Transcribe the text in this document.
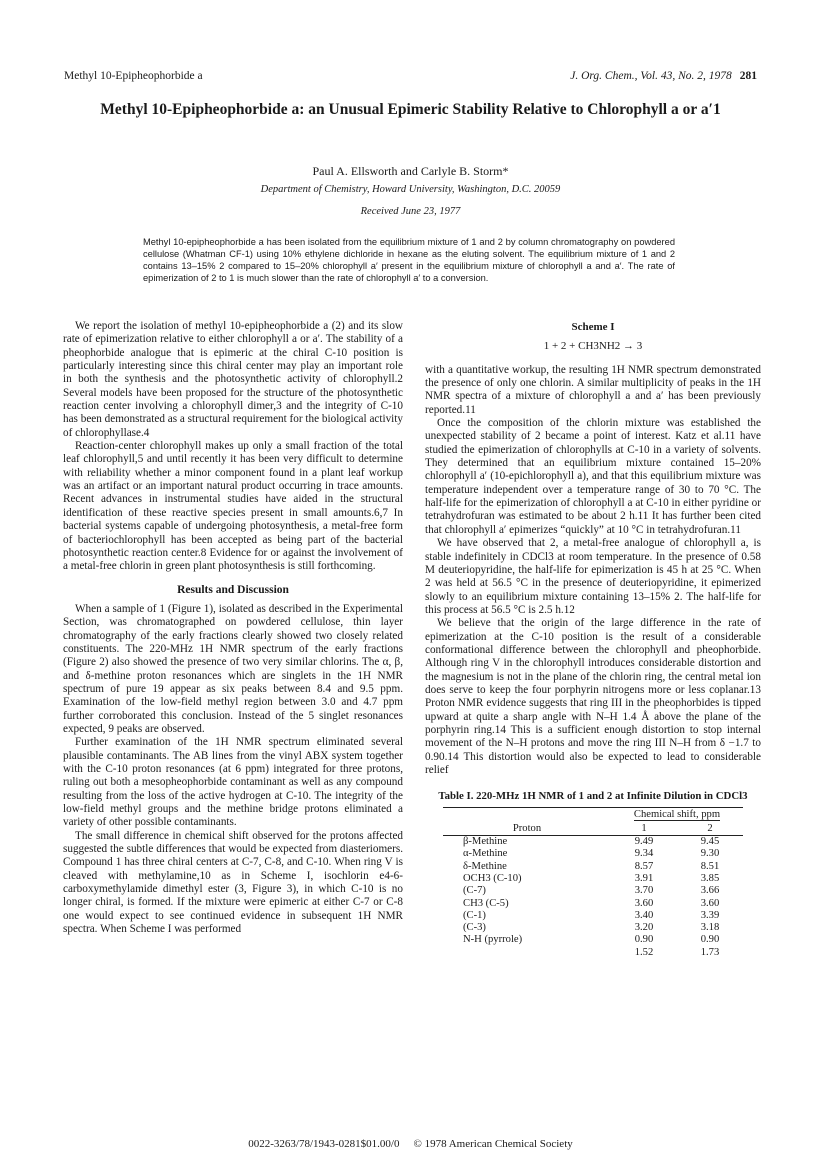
Methyl 10-Epipheophorbide a	J. Org. Chem., Vol. 43, No. 2, 1978 281
Methyl 10-Epipheophorbide a: an Unusual Epimeric Stability Relative to Chlorophyll a or a′1
Paul A. Ellsworth and Carlyle B. Storm*
Department of Chemistry, Howard University, Washington, D.C. 20059
Received June 23, 1977
Methyl 10-epipheophorbide a has been isolated from the equilibrium mixture of 1 and 2 by column chromatography on powdered cellulose (Whatman CF-1) using 10% ethylene dichloride in hexane as the eluting solvent. The equilibrium mixture of 1 and 2 contains 13–15% 2 compared to 15–20% chlorophyll a′ present in the equilibrium mixture of chlorophyll a and a′. The rate of epimerization of 2 to 1 is much slower than the rate of chlorophyll a′ to a conversion.

We report the isolation of methyl 10-epipheophorbide a (2) and its slow rate of epimerization relative to either chlorophyll a or a′. The stability of a pheophorbide analogue that is epimeric at the chiral C-10 position is particularly interesting since this chiral center may play an important role in both the synthesis and the photosynthetic activity of chlorophyll.2 Several models have been proposed for the structure of the photosynthetic reaction center involving a chlorophyll dimer,3 and the integrity of C-10 has been demonstrated as a structural requirement for the biological activity of chlorophyllase.4

Reaction-center chlorophyll makes up only a small fraction of the total leaf chlorophyll,5 and until recently it has been very difficult to determine with reliability whether a minor component found in a plant leaf workup was an artifact or an important natural product occurring in trace amounts. Recent advances in instrumental studies have aided in the structural identification of these reactive species present in small amounts.6,7 In bacterial systems capable of undergoing photosynthesis, a metal-free form of bacteriochlorophyll has been accepted as being part of the bacterial photosynthetic reaction center.8 Evidence for or against the involvement of a metal-free chlorin in green plant photosynthesis is still forthcoming.

Results and Discussion

When a sample of 1 (Figure 1), isolated as described in the Experimental Section, was chromatographed on powdered cellulose, thin layer chromatography of the early fractions clearly showed two closely related constituents. The 220-MHz 1H NMR spectrum of the early fractions (Figure 2) also showed the presence of two very similar chlorins. The α, β, and δ-methine proton resonances which are singlets in the 1H NMR spectrum of pure 19 appear as six peaks between 8.4 and 9.5 ppm. Examination of the low-field methyl region between 3.0 and 4.7 ppm further corroborated this conclusion. Instead of the 5 singlet resonances expected, 9 peaks are observed.

Further examination of the 1H NMR spectrum eliminated several plausible contaminants. The AB lines from the vinyl ABX system together with the C-10 proton resonances (at 6 ppm) integrated for three protons, ruling out both a mesopheophorbide contaminant as well as any compound resulting from the loss of the active hydrogen at C-10. The integrity of the low-field methyl groups and the methine bridge protons eliminated a variety of other possible contaminants.

The small difference in chemical shift observed for the protons affected suggested the subtle differences that would be expected from diasteriomers. Compound 1 has three chiral centers at C-7, C-8, and C-10. When ring V is cleaved with methylamine,10 as in Scheme I, isochlorin e4-6-carboxymethylamide dimethyl ester (3, Figure 3), in which C-10 is no longer chiral, is formed. If the mixture were epimeric at either C-7 or C-8 one would expect to see continued evidence in subsequent 1H NMR spectra. When Scheme I was performed

Scheme I
1 + 2 + CH3NH2 → 3

with a quantitative workup, the resulting 1H NMR spectrum demonstrated the presence of only one chlorin. A similar multiplicity of peaks in the 1H NMR spectra of a mixture of chlorophyll a and a′ has been previously reported.11

Once the composition of the chlorin mixture was established the unexpected stability of 2 became a point of interest. Katz et al.11 have studied the epimerization of chlorophylls at C-10 in a variety of solvents. They determined that an equilibrium mixture contained 15–20% chlorophyll a′ (10-epichlorophyll a), and that this equilibrium mixture was temperature independent over a temperature range of 30 to 70 °C. The half-life for the epimerization of chlorophyll a at C-10 in either pyridine or tetrahydrofuran was estimated to be about 2 h.11 It has further been cited that chlorophyll a′ epimerizes “quickly” at 10 °C in tetrahydrofuran.11

We have observed that 2, a metal-free analogue of chlorophyll a, is stable indefinitely in CDCl3 at room temperature. In the presence of 0.58 M deuteriopyridine, the half-life for epimerization is 45 h at 25 °C. When 2 was held at 56.5 °C in the presence of deuteriopyridine, it epimerized slowly to an equilibrium mixture containing 13–15% 2. The half-life for this process at 56.5 °C is 2.5 h.12

We believe that the origin of the large difference in the rate of epimerization at the C-10 position is the result of a considerable conformational difference between the chlorophyll and pheophorbide. Although ring V in the chlorophyll introduces considerable distortion and the magnesium is not in the plane of the chlorin ring, the central metal ion does serve to keep the four porphyrin nitrogens more or less coplanar.13 Proton NMR evidence suggests that ring III in the pheophorbides is tipped upward at quite a sharp angle with N–H 1.4 Å above the plane of the porphyrin ring.14 This is a sufficient enough distortion to stop internal movement of the N–H protons and move the ring III N–H from δ −1.7 to 0.90.14 This distortion would also be expected to lead to considerable relief

Table I. 220-MHz 1H NMR of 1 and 2 at Infinite Dilution in CDCl3
Proton	Chemical shift, ppm	
	1	2
β-Methine	9.49	9.45
α-Methine	9.34	9.30
δ-Methine	8.57	8.51
OCH3 (C-10)	3.91	3.85
(C-7)	3.70	3.66
CH3 (C-5)	3.60	3.60
(C-1)	3.40	3.39
(C-3)	3.20	3.18
N-H (pyrrole)	0.90	0.90
	1.52	1.73
0022-3263/78/1943-0281$01.00/0 © 1978 American Chemical Society
